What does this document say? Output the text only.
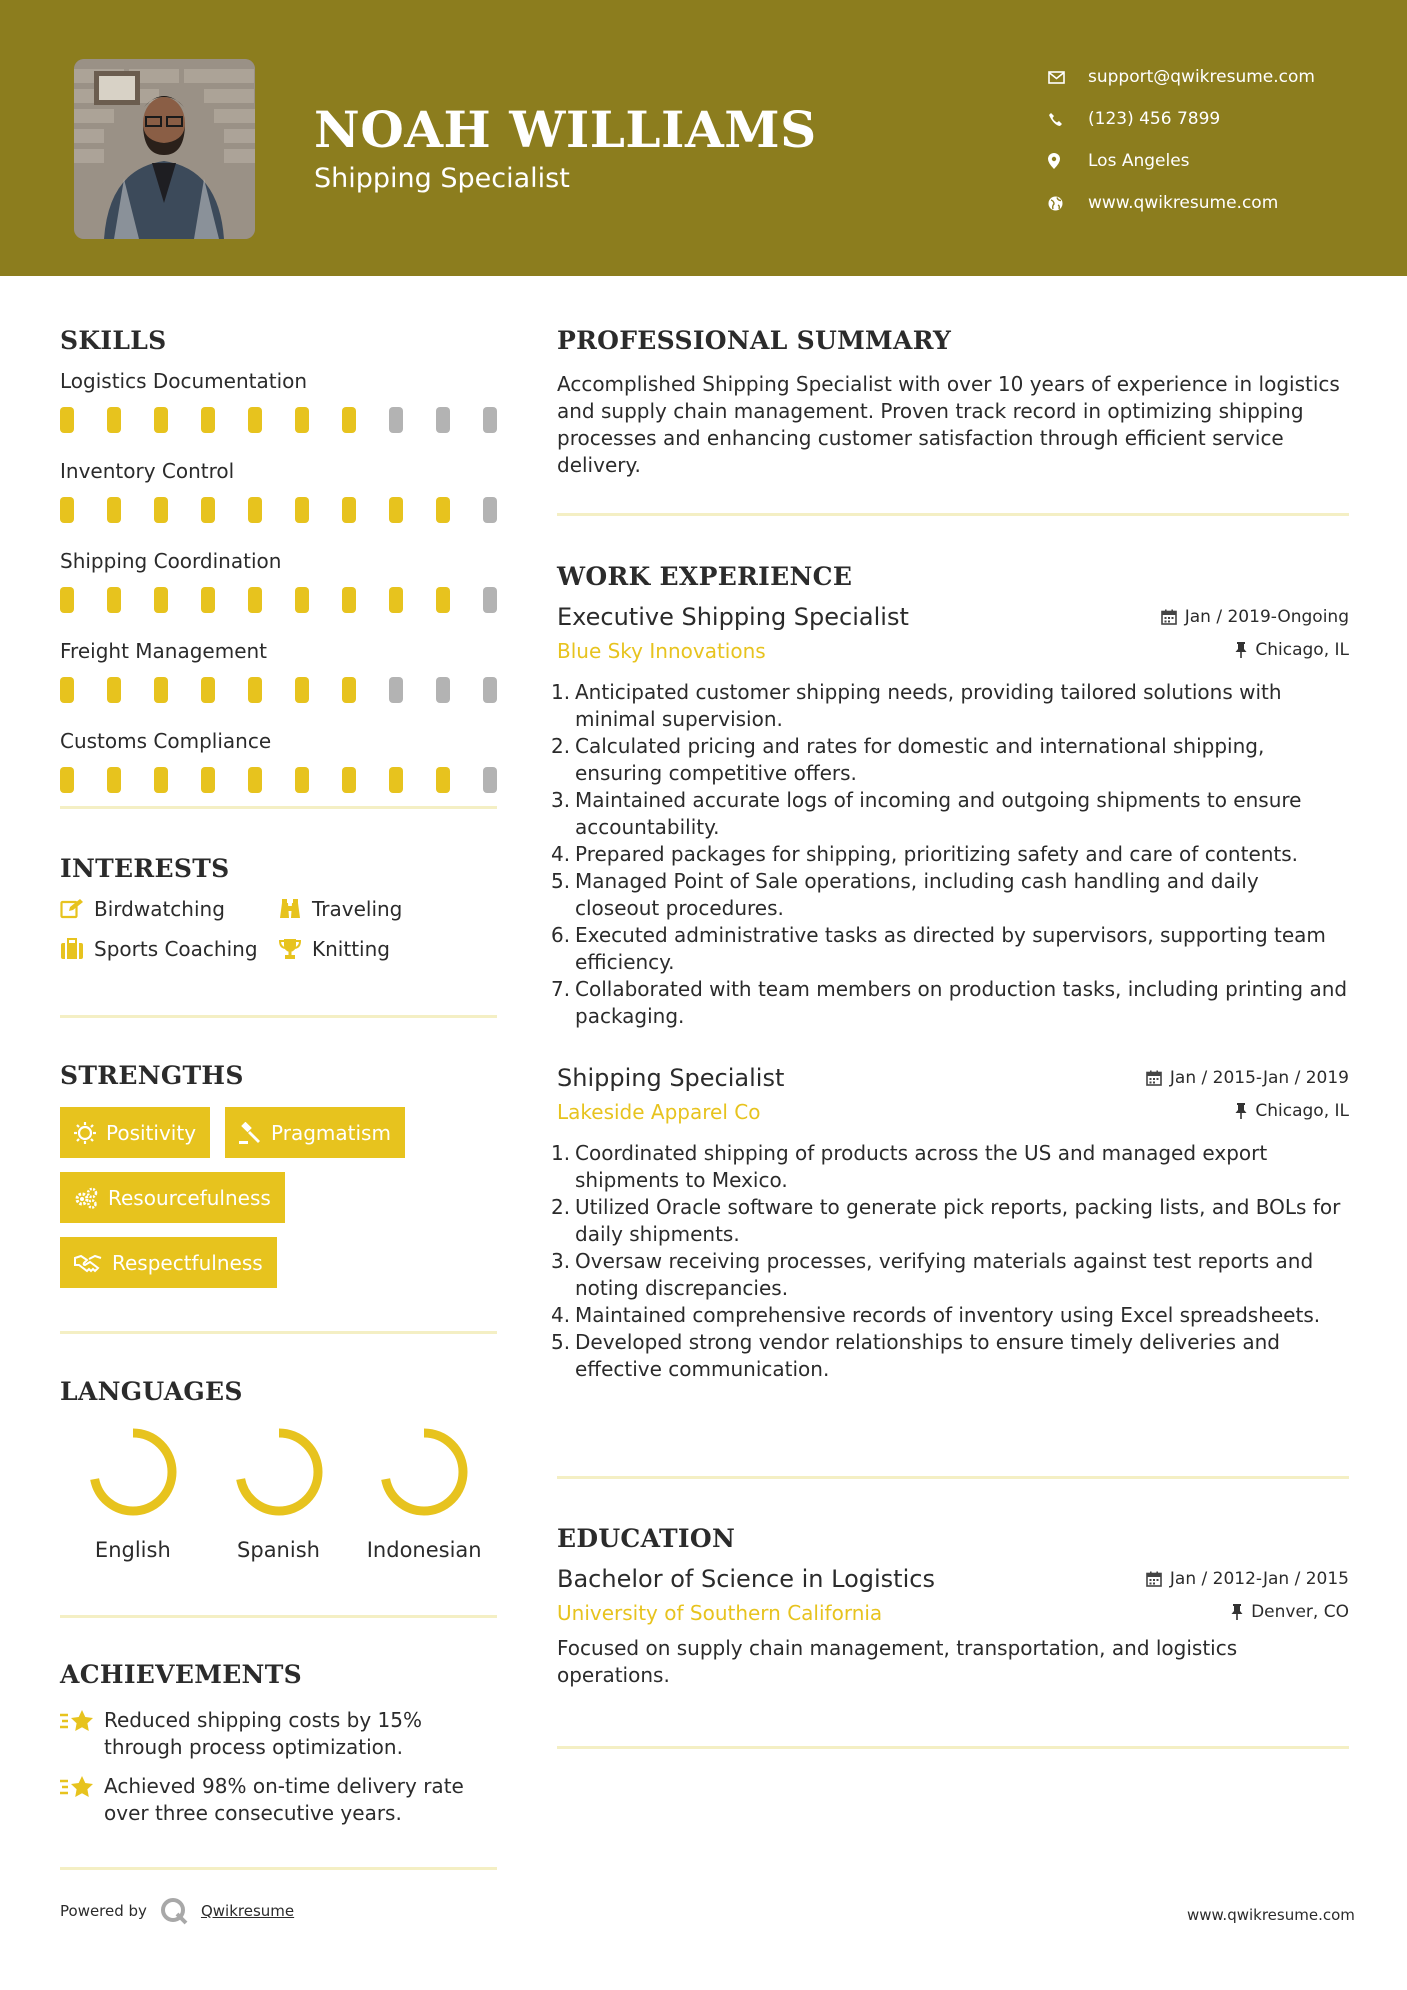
NOAH WILLIAMS
Shipping Specialist
support@qwikresume.com
(123) 456 7899
Los Angeles
www.qwikresume.com
SKILLS
Logistics Documentation
Inventory Control
Shipping Coordination
Freight Management
Customs Compliance
INTERESTS
Birdwatching	Traveling
Sports Coaching	Knitting
STRENGTHS
Positivity	Pragmatism
Resourcefulness
Respectfulness
LANGUAGES
English	Spanish Indonesian
ACHIEVEMENTS
Reduced shipping costs by 15% through process optimization.
Achieved 98% on-time delivery rate over three consecutive years.
PROFESSIONAL SUMMARY
Accomplished Shipping Specialist with over 10 years of experience in logistics and supply chain management. Proven track record in optimizing shipping processes and enhancing customer satisfaction through efficient service delivery.
WORK EXPERIENCE
Executive Shipping Specialist	Jan / 2019-Ongoing
Blue Sky Innovations	Chicago, IL
1. Anticipated customer shipping needs, providing tailored solutions with minimal supervision.
2. Calculated pricing and rates for domestic and international shipping, ensuring competitive offers.
3. Maintained accurate logs of incoming and outgoing shipments to ensure accountability.
4. Prepared packages for shipping, prioritizing safety and care of contents.
5. Managed Point of Sale operations, including cash handling and daily closeout procedures.
6. Executed administrative tasks as directed by supervisors, supporting team efficiency.
7. Collaborated with team members on production tasks, including printing and packaging.
Shipping Specialist	Jan / 2015-Jan / 2019
Lakeside Apparel Co	Chicago, IL
1. Coordinated shipping of products across the US and managed export shipments to Mexico.
2. Utilized Oracle software to generate pick reports, packing lists, and BOLs for daily shipments.
3. Oversaw receiving processes, verifying materials against test reports and noting discrepancies.
4. Maintained comprehensive records of inventory using Excel spreadsheets.
5. Developed strong vendor relationships to ensure timely deliveries and effective communication.
EDUCATION
Bachelor of Science in Logistics	Jan / 2012-Jan / 2015
University of Southern California	Denver, CO
Focused on supply chain management, transportation, and logistics operations.
Powered by	Qwikresume	www.qwikresume.com
